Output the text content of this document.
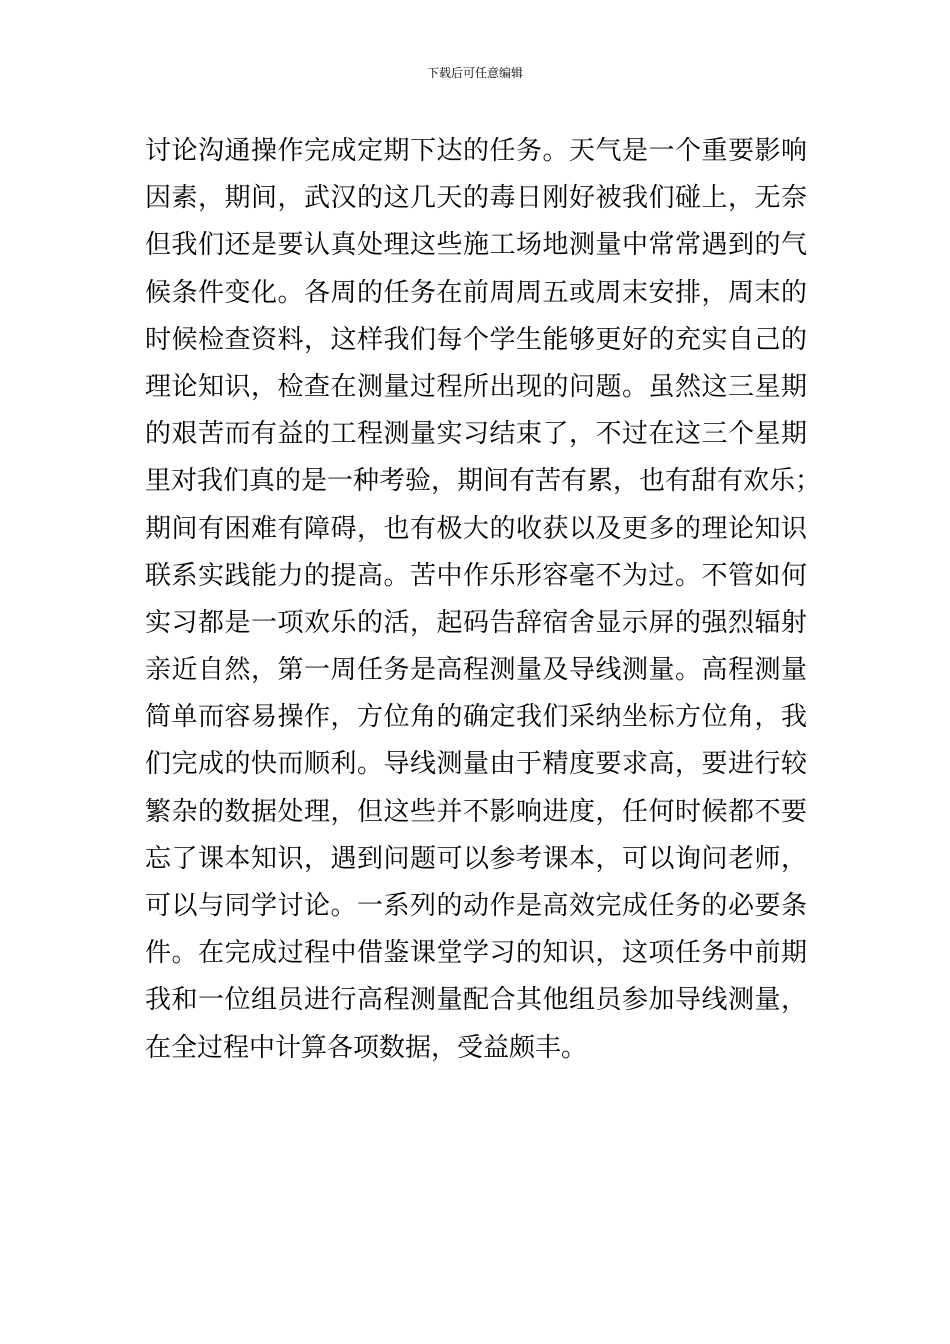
下载后可任意编辑
讨论沟通操作完成定期下达的任务。天气是一个重要影响
因素，期间，武汉的这几天的毒日刚好被我们碰上，无奈
但我们还是要认真处理这些施工场地测量中常常遇到的气
候条件变化。各周的任务在前周周五或周末安排，周末的
时候检查资料，这样我们每个学生能够更好的充实自己的
理论知识，检查在测量过程所出现的问题。虽然这三星期
的艰苦而有益的工程测量实习结束了，不过在这三个星期
里对我们真的是一种考验，期间有苦有累，也有甜有欢乐；
期间有困难有障碍，也有极大的收获以及更多的理论知识
联系实践能力的提高。苦中作乐形容毫不为过。不管如何
实习都是一项欢乐的活，起码告辞宿舍显示屏的强烈辐射
亲近自然，第一周任务是高程测量及导线测量。高程测量
简单而容易操作，方位角的确定我们采纳坐标方位角，我
们完成的快而顺利。导线测量由于精度要求高，要进行较
繁杂的数据处理，但这些并不影响进度，任何时候都不要
忘了课本知识，遇到问题可以参考课本，可以询问老师，
可以与同学讨论。一系列的动作是高效完成任务的必要条
件。在完成过程中借鉴课堂学习的知识，这项任务中前期
我和一位组员进行高程测量配合其他组员参加导线测量，
在全过程中计算各项数据，受益颇丰。
